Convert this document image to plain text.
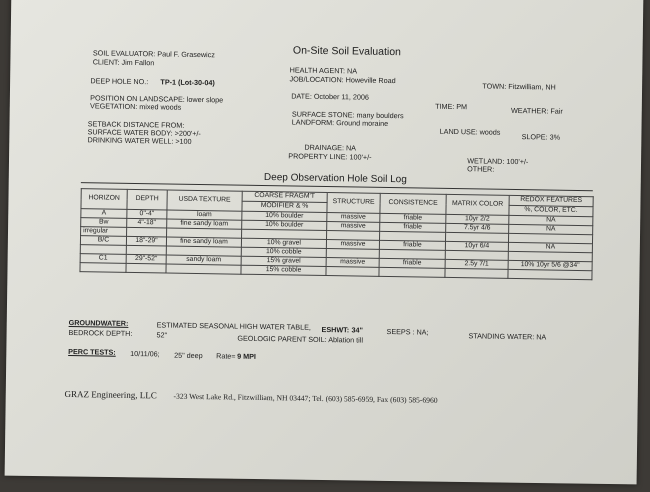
On-Site Soil Evaluation
SOIL EVALUATOR: Paul F. Grasewicz
CLIENT: Jim Fallon
HEALTH AGENT: NA
JOB/LOCATION: Howeville Road
TOWN: Fitzwilliam, NH
DEEP HOLE NO.: TP-1 (Lot-30-04)
DATE: October 11, 2006
TIME: PM	WEATHER: Fair
POSITION ON LANDSCAPE: lower slope
VEGETATION: mixed woods
SURFACE STONE: many boulders
LANDFORM: Ground moraine
LAND USE: woods
SLOPE: 3%
SETBACK DISTANCE FROM:
SURFACE WATER BODY: >200'+/-
DRINKING WATER WELL: >100
DRAINAGE: NA
PROPERTY LINE: 100'+/-	WETLAND: 100'+/-
OTHER:
Deep Observation Hole Soil Log
HORIZON	DEPTH	USDA TEXTURE	COARSE FRAGM'T	STRUCTURE	CONSISTENCE	MATRIX COLOR	REDOX FEATURES
			MODIFIER & %				%, COLOR, ETC.
A	0"-4"	loam	10% boulder	massive	friable	10yr 2/2	NA
Bw	4"-18"	fine sandy loam	10% boulder	massive	friable	7.5yr 4/6	NA
irregular							
B/C	18"-29"	fine sandy loam	10% gravel	massive	friable	10yr 6/4	NA
			10% cobble				
C1	29"-52"	sandy loam	15% gravel	massive	friable	2.5y 7/1	10% 10yr 5/6 @34"
			15% cobble				
GROUNDWATER:	ESTIMATED SEASONAL HIGH WATER TABLE, ESHWT: 34"	SEEPS : NA;	STANDING WATER: NA
BEDROCK DEPTH:	52"	GEOLOGIC PARENT SOIL: Ablation till
PERC TESTS: 10/11/06; 25" deep Rate= 9 MPI
GRAZ Engineering, LLC -323 West Lake Rd., Fitzwilliam, NH 03447; Tel. (603) 585-6959, Fax (603) 585-6960
